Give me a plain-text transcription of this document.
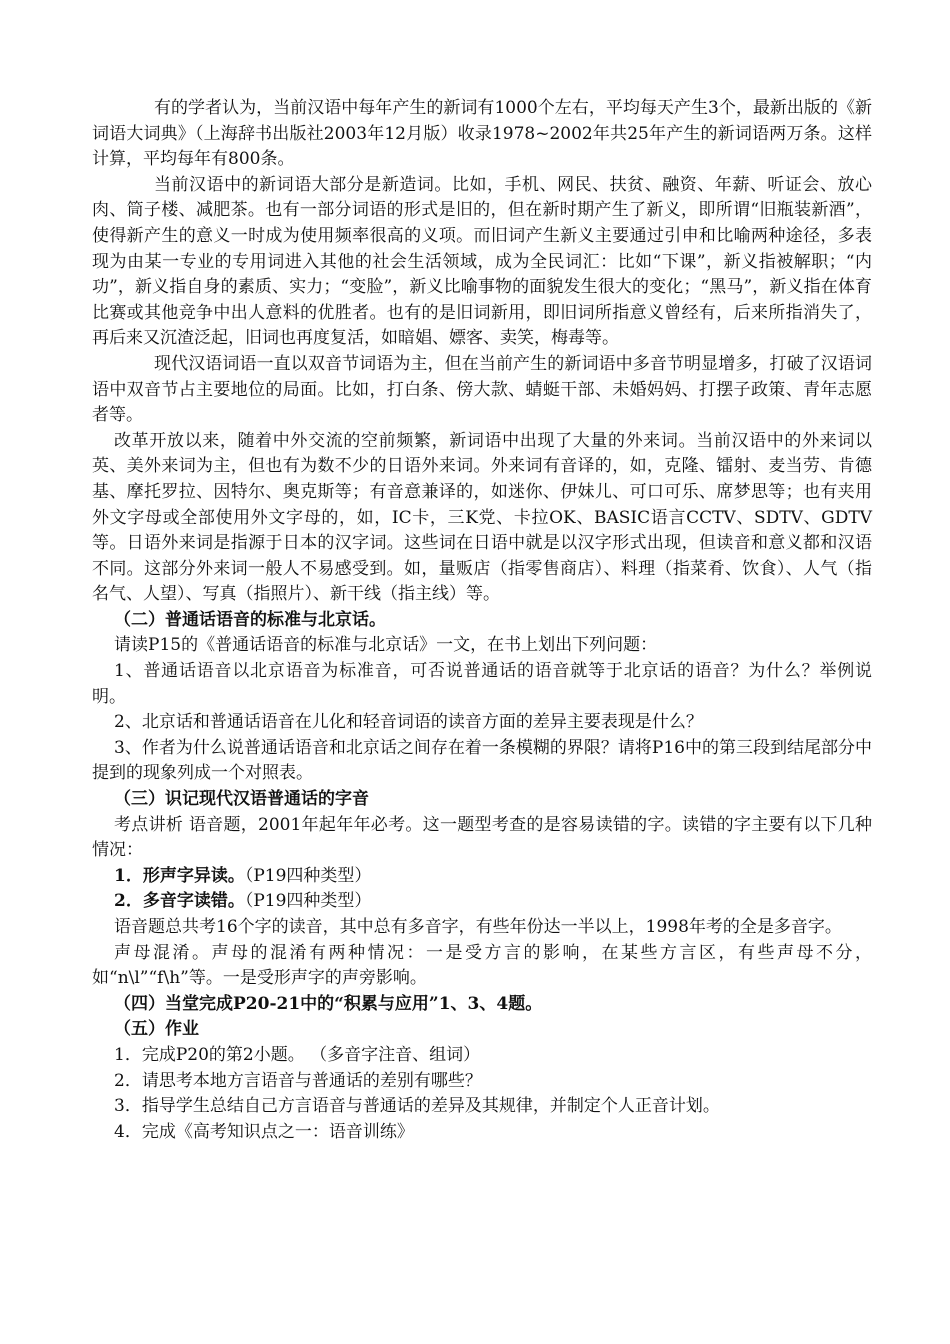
有的学者认为，当前汉语中每年产生的新词有1000个左右，平均每天产生3个，最新出版的《新词语大词典》（上海辞书出版社2003年12月版）收录1978~2002年共25年产生的新词语两万条。这样计算，平均每年有800条。

当前汉语中的新词语大部分是新造词。比如，手机、网民、扶贫、融资、年薪、听证会、放心肉、筒子楼、减肥茶。也有一部分词语的形式是旧的，但在新时期产生了新义，即所谓“旧瓶装新酒”，使得新产生的意义一时成为使用频率很高的义项。而旧词产生新义主要通过引申和比喻两种途径，多表现为由某一专业的专用词进入其他的社会生活领域，成为全民词汇：比如“下课”，新义指被解职；“内功”，新义指自身的素质、实力；“变脸”，新义比喻事物的面貌发生很大的变化；“黑马”，新义指在体育比赛或其他竞争中出人意料的优胜者。也有的是旧词新用，即旧词所指意义曾经有，后来所指消失了，再后来又沉渣泛起，旧词也再度复活，如暗娼、嫖客、卖笑，梅毒等。

现代汉语词语一直以双音节词语为主，但在当前产生的新词语中多音节明显增多，打破了汉语词语中双音节占主要地位的局面。比如，打白条、傍大款、蜻蜓干部、未婚妈妈、打摆子政策、青年志愿者等。

改革开放以来，随着中外交流的空前频繁，新词语中出现了大量的外来词。当前汉语中的外来词以英、美外来词为主，但也有为数不少的日语外来词。外来词有音译的，如，克隆、镭射、麦当劳、肯德基、摩托罗拉、因特尔、奥克斯等；有音意兼译的，如迷你、伊妹儿、可口可乐、席梦思等；也有夹用外文字母或全部使用外文字母的，如，IC卡，三K党、卡拉OK、BASIC语言CCTV、SDTV、GDTV等。日语外来词是指源于日本的汉字词。这些词在日语中就是以汉字形式出现，但读音和意义都和汉语不同。这部分外来词一般人不易感受到。如，量贩店（指零售商店）、料理（指菜肴、饮食）、人气（指名气、人望）、写真（指照片）、新干线（指主线）等。

（二）普通话语音的标准与北京话。

请读P15的《普通话语音的标准与北京话》一文，在书上划出下列问题：

1、普通话语音以北京语音为标准音，可否说普通话的语音就等于北京话的语音？为什么？举例说明。

2、北京话和普通话语音在儿化和轻音词语的读音方面的差异主要表现是什么？

3、作者为什么说普通话语音和北京话之间存在着一条模糊的界限？请将P16中的第三段到结尾部分中提到的现象列成一个对照表。

（三）识记现代汉语普通话的字音

考点讲析 语音题，2001年起年年必考。这一题型考查的是容易读错的字。读错的字主要有以下几种情况：

1．形声字异读。（P19四种类型）

2．多音字读错。（P19四种类型）

语音题总共考16个字的读音，其中总有多音字，有些年份达一半以上，1998年考的全是多音字。

声母混淆。声母的混淆有两种情况：一是受方言的影响，在某些方言区，有些声母不分，如“n\l”“f\h”等。一是受形声字的声旁影响。

（四）当堂完成P20-21中的“积累与应用”1、3、4题。

（五）作业

1．完成P20的第2小题。 （多音字注音、组词）

2．请思考本地方言语音与普通话的差别有哪些？

3．指导学生总结自己方言语音与普通话的差异及其规律，并制定个人正音计划。

4．完成《高考知识点之一：语音训练》
